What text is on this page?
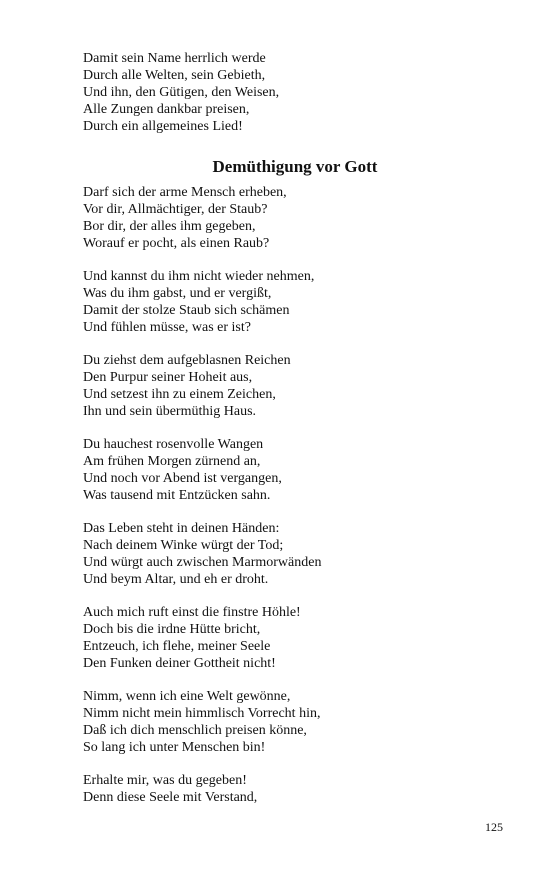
Damit sein Name herrlich werde
Durch alle Welten, sein Gebieth,
Und ihn, den Gütigen, den Weisen,
Alle Zungen dankbar preisen,
Durch ein allgemeines Lied!
Demüthigung vor Gott
Darf sich der arme Mensch erheben,
Vor dir, Allmächtiger, der Staub?
Bor dir, der alles ihm gegeben,
Worauf er pocht, als einen Raub?
Und kannst du ihm nicht wieder nehmen,
Was du ihm gabst, und er vergißt,
Damit der stolze Staub sich schämen
Und fühlen müsse, was er ist?
Du ziehst dem aufgeblasnen Reichen
Den Purpur seiner Hoheit aus,
Und setzest ihn zu einem Zeichen,
Ihn und sein übermüthig Haus.
Du hauchest rosenvolle Wangen
Am frühen Morgen zürnend an,
Und noch vor Abend ist vergangen,
Was tausend mit Entzücken sahn.
Das Leben steht in deinen Händen:
Nach deinem Winke würgt der Tod;
Und würgt auch zwischen Marmorwänden
Und beym Altar, und eh er droht.
Auch mich ruft einst die finstre Höhle!
Doch bis die irdne Hütte bricht,
Entzeuch, ich flehe, meiner Seele
Den Funken deiner Gottheit nicht!
Nimm, wenn ich eine Welt gewönne,
Nimm nicht mein himmlisch Vorrecht hin,
Daß ich dich menschlich preisen könne,
So lang ich unter Menschen bin!
Erhalte mir, was du gegeben!
Denn diese Seele mit Verstand,
125
